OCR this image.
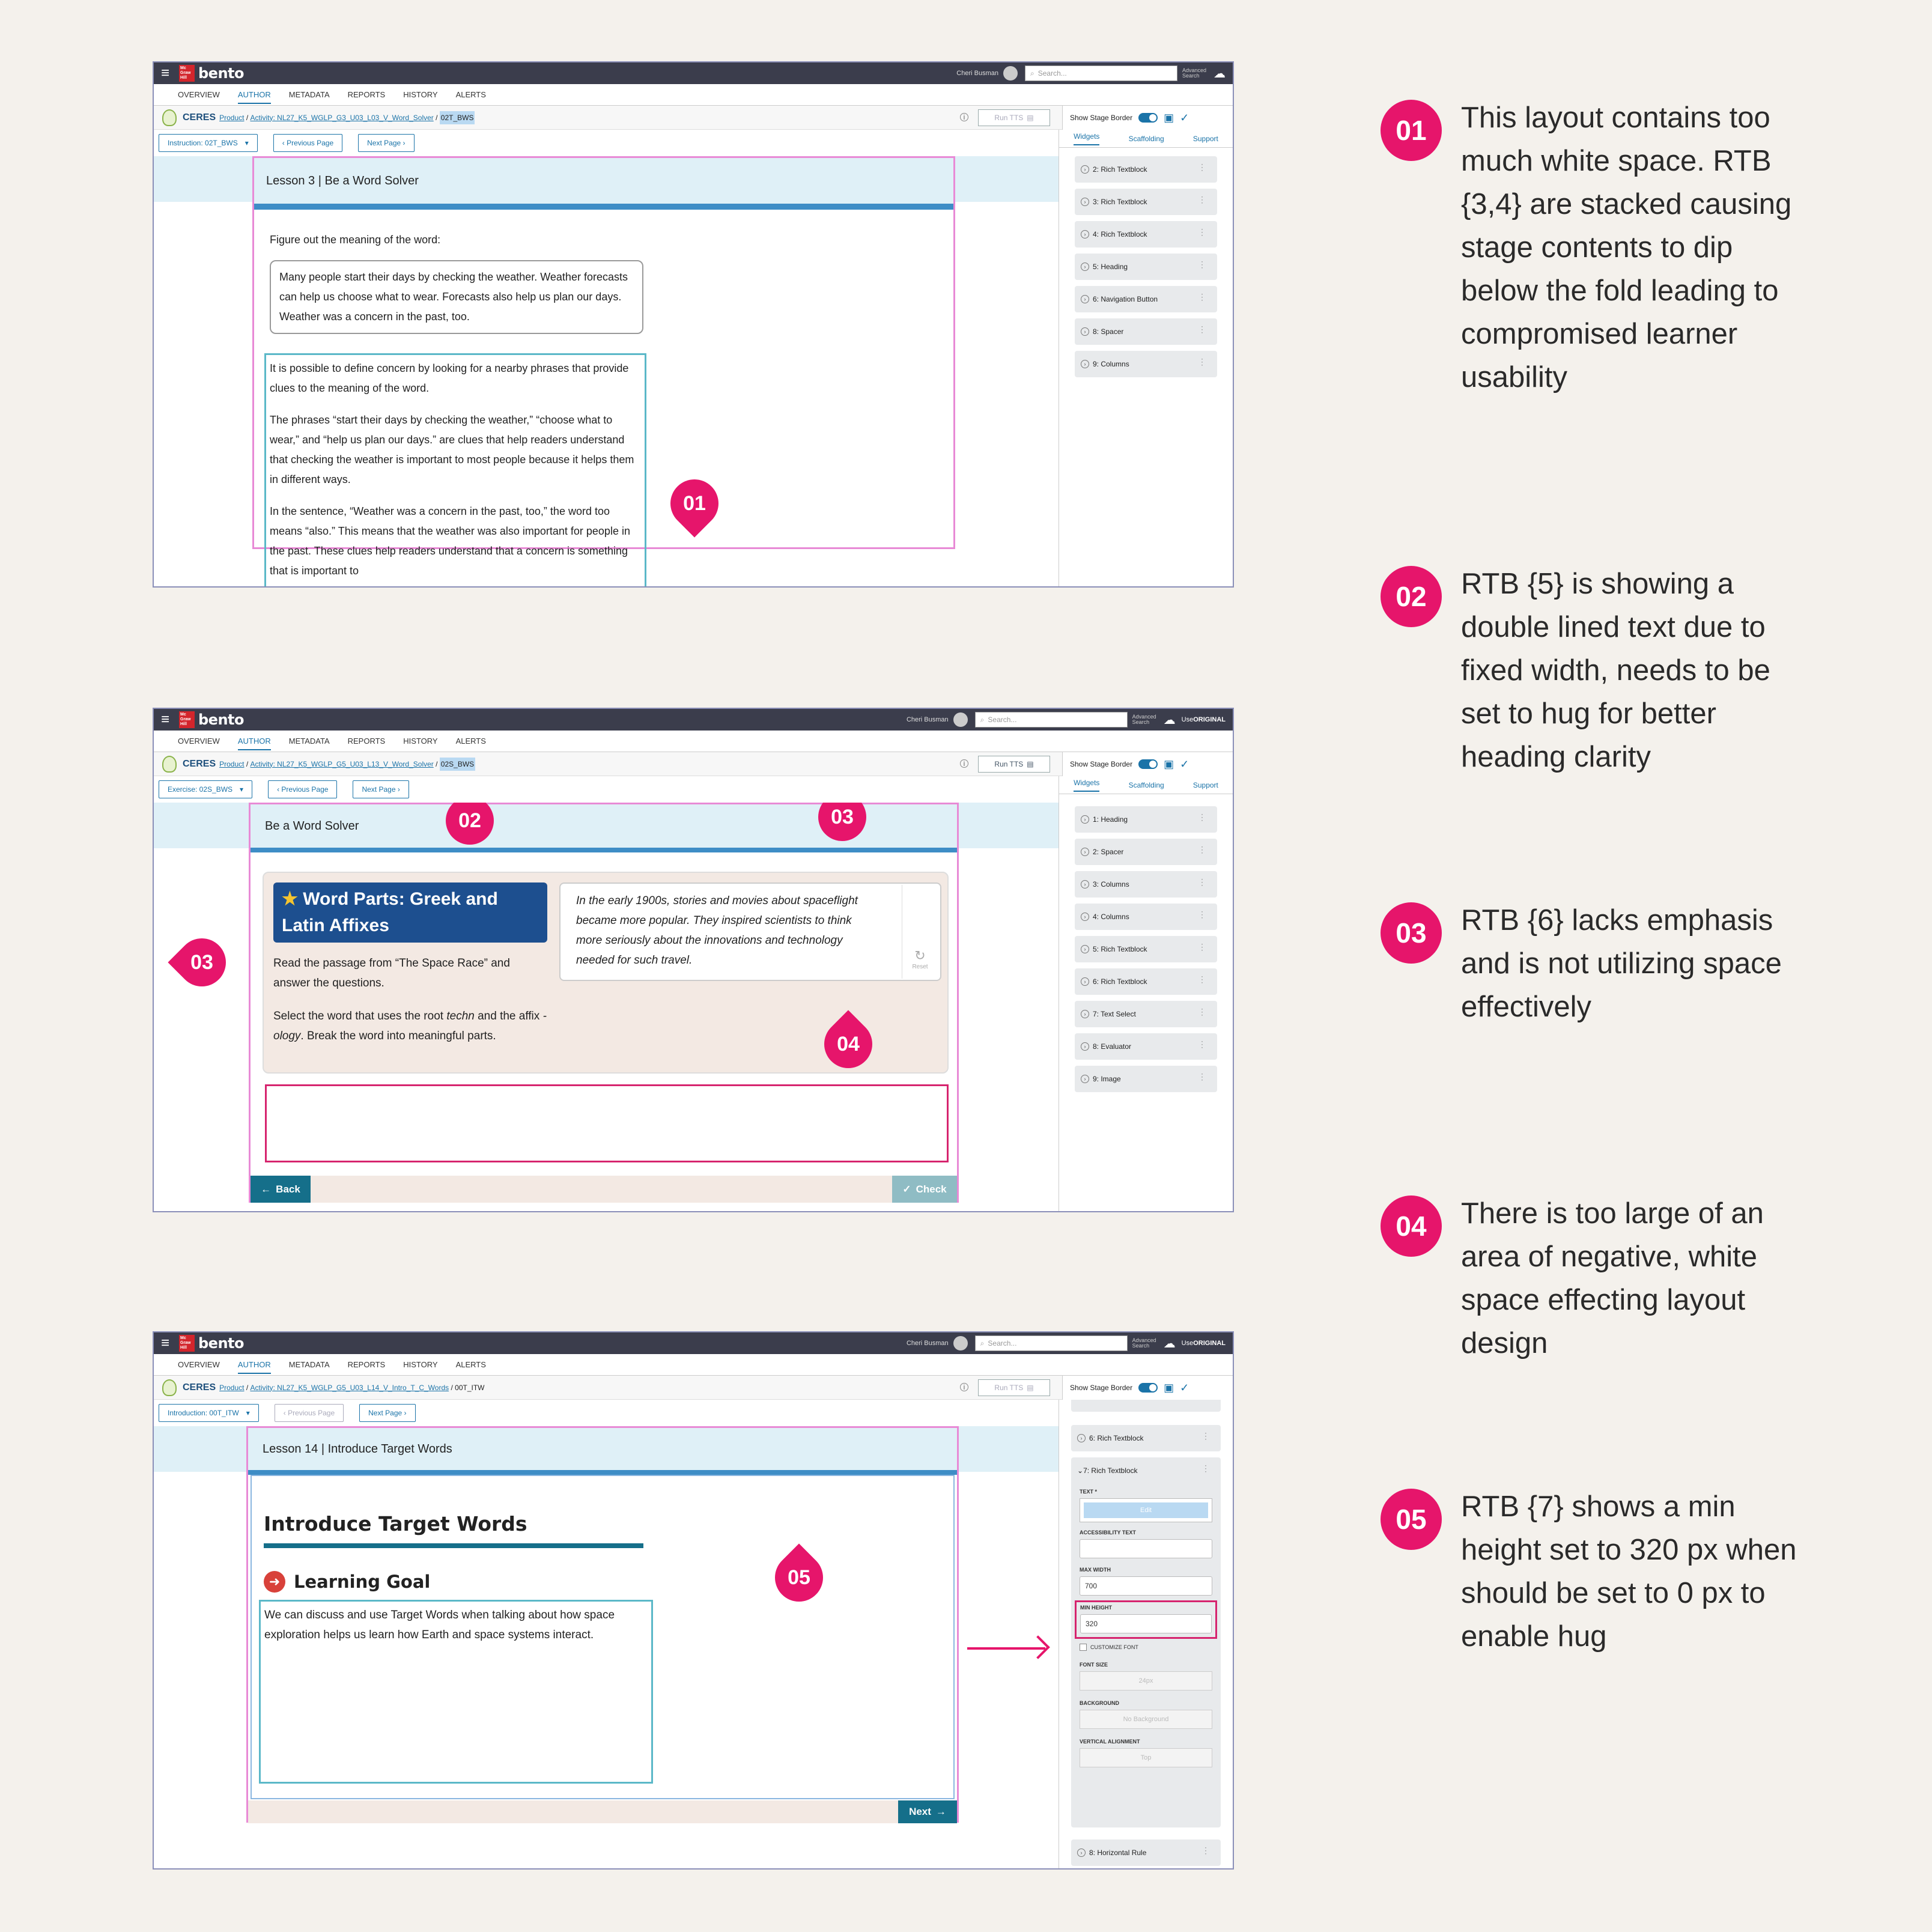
≡	Mc Graw Hill bento	Cheri Busman	⌕ Search...	Advanced Search	☁
OVERVIEW AUTHOR METADATA REPORTS HISTORY ALERTS
CERES Product / Activity: NL27_K5_WGLP_G3_U03_L03_V_Word_Solver / 02T_BWS	i	Run TTS ▤	Show Stage Border	▣ ✓
Instruction: 02T_BWS ▾	‹ Previous Page	Next Page ›
Lesson 3 | Be a Word Solver
Figure out the meaning of the word:
Many people start their days by checking the weather. Weather forecasts can help us choose what to wear. Forecasts also help us plan our days. Weather was a concern in the past, too.

It is possible to define concern by looking for a nearby phrases that provide clues to the meaning of the word.

The phrases “start their days by checking the weather,” “choose what to wear,” and “help us plan our days.” are clues that help readers understand that checking the weather is important to most people because it helps them in different ways.

In the sentence, “Weather was a concern in the past, too,” the word too means “also.” This means that the weather was also important for people in the past. These clues help readers understand that a concern is something that is important to

01
Widgets	Scaffolding	Support
› 2: Rich Textblock	⋮
› 3: Rich Textblock	⋮
› 4: Rich Textblock	⋮
› 5: Heading	⋮
› 6: Navigation Button	⋮
› 8: Spacer	⋮
› 9: Columns	⋮
≡	Mc Graw Hill bento	Cheri Busman	⌕ Search...	Advanced Search	☁ UseORIGINAL
OVERVIEW AUTHOR METADATA REPORTS HISTORY ALERTS
CERES Product / Activity: NL27_K5_WGLP_G5_U03_L13_V_Word_Solver / 02S_BWS	i	Run TTS ▤	Show Stage Border	▣ ✓
Exercise: 02S_BWS ▾	‹ Previous Page	Next Page ›
Be a Word Solver
★ Word Parts: Greek and Latin Affixes
Read the passage from “The Space Race” and answer the questions.
Select the word that uses the root techn and the affix -ology. Break the word into meaningful parts.
In the early 1900s, stories and movies about spaceflight became more popular. They inspired scientists to think more seriously about the innovations and technology needed for such travel.	↻
Reset
← Back	✓ Check
02	03
03
04
Widgets	Scaffolding	Support
› 1: Heading	⋮
› 2: Spacer	⋮
› 3: Columns	⋮
› 4: Columns	⋮
› 5: Rich Textblock	⋮
› 6: Rich Textblock	⋮
› 7: Text Select	⋮
› 8: Evaluator	⋮
› 9: Image	⋮
≡	Mc Graw Hill bento	Cheri Busman	⌕ Search...	Advanced Search	☁ UseORIGINAL
OVERVIEW AUTHOR METADATA REPORTS HISTORY ALERTS
CERES Product / Activity: NL27_K5_WGLP_G5_U03_L14_V_Intro_T_C_Words / 00T_ITW	i	Run TTS ▤	Show Stage Border	▣ ✓
Introduction: 00T_ITW ▾	‹ Previous Page	Next Page ›
Lesson 14 | Introduce Target Words
Introduce Target Words
➜ Learning Goal
We can discuss and use Target Words when talking about how space exploration helps us learn how Earth and space systems interact.
Next →
05
› 6: Rich Textblock	⋮
⌄ 7: Rich Textblock	⋮
TEXT *
Edit
ACCESSIBILITY TEXT
MAX WIDTH
700
MIN HEIGHT
320
CUSTOMIZE FONT
FONT SIZE
24px
BACKGROUND
No Background
VERTICAL ALIGNMENT
Top
› 8: Horizontal Rule	⋮
01	This layout contains too much white space. RTB {3,4} are stacked causing stage contents to dip below the fold leading to compromised learner usability
02	RTB {5} is showing a double lined text due to fixed width, needs to be set to hug for better heading clarity
03	RTB {6} lacks emphasis and is not utilizing space effectively
04	There is too large of an area of negative, white space effecting layout design
05	RTB {7} shows a min height set to 320 px when should be set to 0 px to enable hug
